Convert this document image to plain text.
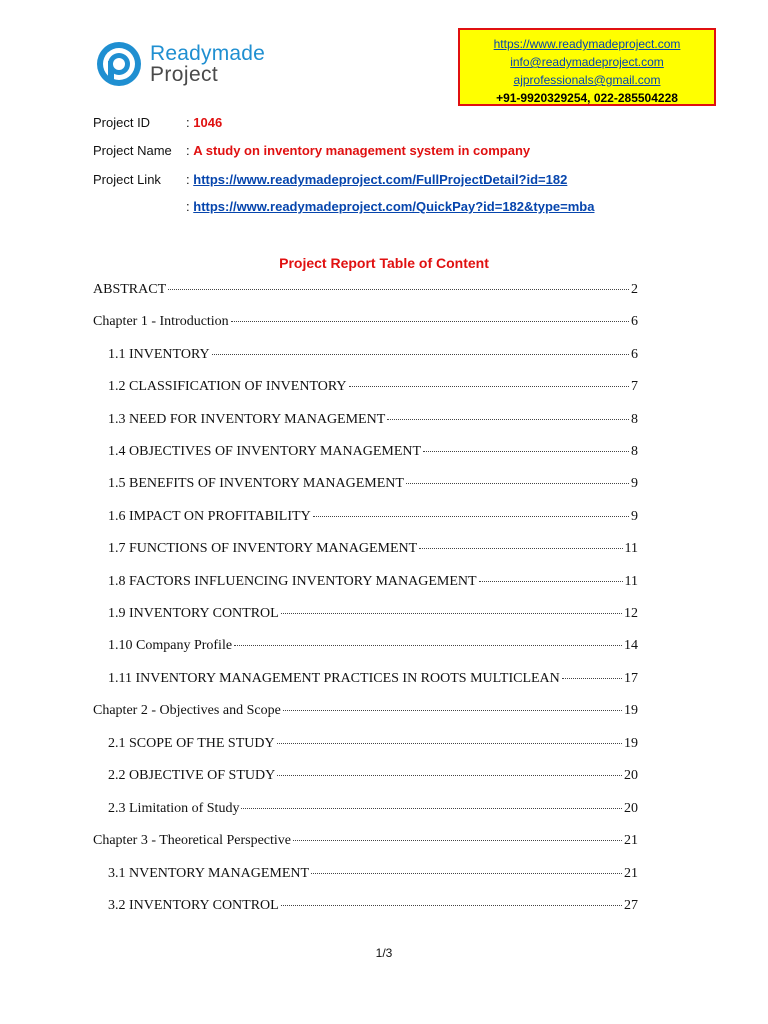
Readymade
Project
https://www.readymadeproject.com
info@readymadeproject.com
ajprofessionals@gmail.com
+91-9920329254, 022-285504228
Project ID	: 1046
Project Name : A study on inventory management system in company
Project Link : https://www.readymadeproject.com/FullProjectDetail?id=182
: https://www.readymadeproject.com/QuickPay?id=182&type=mba
Project Report Table of Content
ABSTRACT	2
Chapter 1 - Introduction	6
1.1 INVENTORY	6
1.2 CLASSIFICATION OF INVENTORY	7
1.3 NEED FOR INVENTORY MANAGEMENT	8
1.4 OBJECTIVES OF INVENTORY MANAGEMENT	8
1.5 BENEFITS OF INVENTORY MANAGEMENT	9
1.6 IMPACT ON PROFITABILITY	9
1.7 FUNCTIONS OF INVENTORY MANAGEMENT	11
1.8 FACTORS INFLUENCING INVENTORY MANAGEMENT	11
1.9 INVENTORY CONTROL	12
1.10 Company Profile	14
1.11 INVENTORY MANAGEMENT PRACTICES IN ROOTS MULTICLEAN	17
Chapter 2 - Objectives and Scope	19
2.1 SCOPE OF THE STUDY	19
2.2 OBJECTIVE OF STUDY	20
2.3 Limitation of Study	20
Chapter 3 - Theoretical Perspective	21
3.1 NVENTORY MANAGEMENT	21
3.2 INVENTORY CONTROL	27
1/3
